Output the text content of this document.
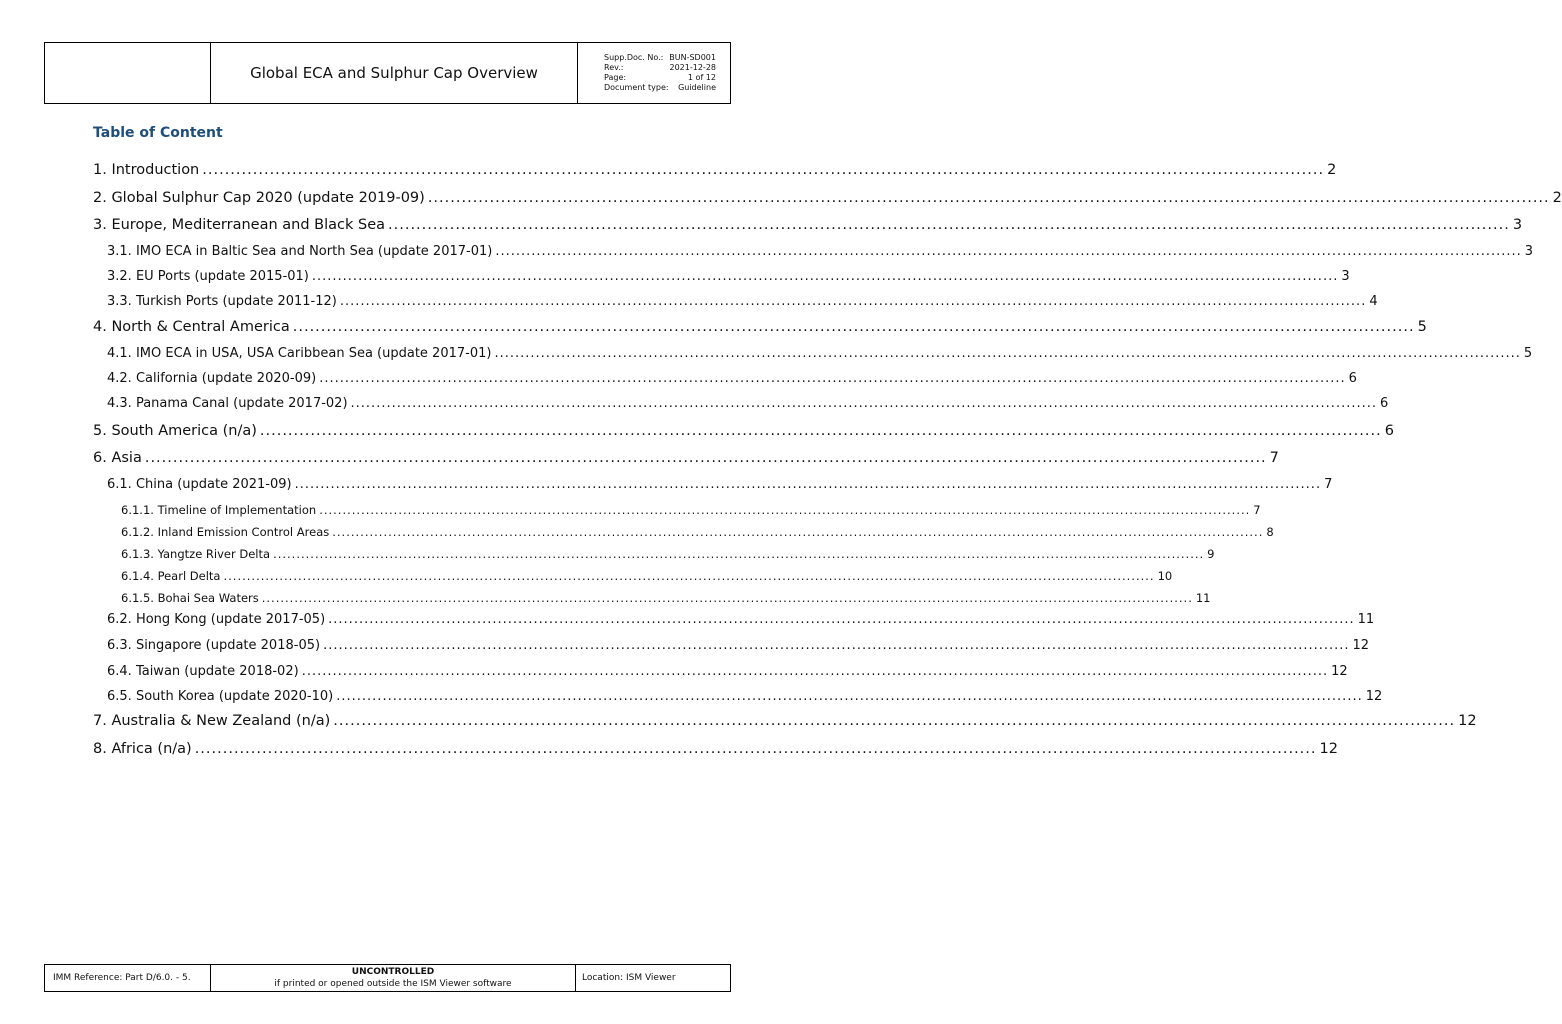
Global ECA and Sulphur Cap Overview
Supp.Doc. No.: BUN-SD001
Rev.:	2021-12-28
Page:	1 of 12
Document type: Guideline
Table of Content
1. Introduction ........................................................................................................................................................................................................ 2
2. Global Sulphur Cap 2020 (update 2019-09) ........................................................................................................................................................................................................ 2
3. Europe, Mediterranean and Black Sea ........................................................................................................................................................................................................ 3
3.1. IMO ECA in Baltic Sea and North Sea (update 2017-01) ........................................................................................................................................................................................................ 3
3.2. EU Ports (update 2015-01) ........................................................................................................................................................................................................ 3
3.3. Turkish Ports (update 2011-12) ........................................................................................................................................................................................................ 4
4. North & Central America ........................................................................................................................................................................................................ 5
4.1. IMO ECA in USA, USA Caribbean Sea (update 2017-01) ........................................................................................................................................................................................................ 5
4.2. California (update 2020-09) ........................................................................................................................................................................................................ 6
4.3. Panama Canal (update 2017-02) ........................................................................................................................................................................................................ 6
5. South America (n/a) ........................................................................................................................................................................................................ 6
6. Asia ........................................................................................................................................................................................................ 7
6.1. China (update 2021-09) ........................................................................................................................................................................................................ 7
6.1.1. Timeline of Implementation ........................................................................................................................................................................................................ 7
6.1.2. Inland Emission Control Areas ........................................................................................................................................................................................................ 8
6.1.3. Yangtze River Delta ........................................................................................................................................................................................................ 9
6.1.4. Pearl Delta ........................................................................................................................................................................................................ 10
6.1.5. Bohai Sea Waters ........................................................................................................................................................................................................ 11
6.2. Hong Kong (update 2017-05) ........................................................................................................................................................................................................ 11
6.3. Singapore (update 2018-05) ........................................................................................................................................................................................................ 12
6.4. Taiwan (update 2018-02) ........................................................................................................................................................................................................ 12
6.5. South Korea (update 2020-10) ........................................................................................................................................................................................................ 12
7. Australia & New Zealand (n/a) ........................................................................................................................................................................................................ 12
8. Africa (n/a) ........................................................................................................................................................................................................ 12
IMM Reference: Part D/6.0. - 5.
UNCONTROLLED
if printed or opened outside the ISM Viewer software
Location: ISM Viewer
